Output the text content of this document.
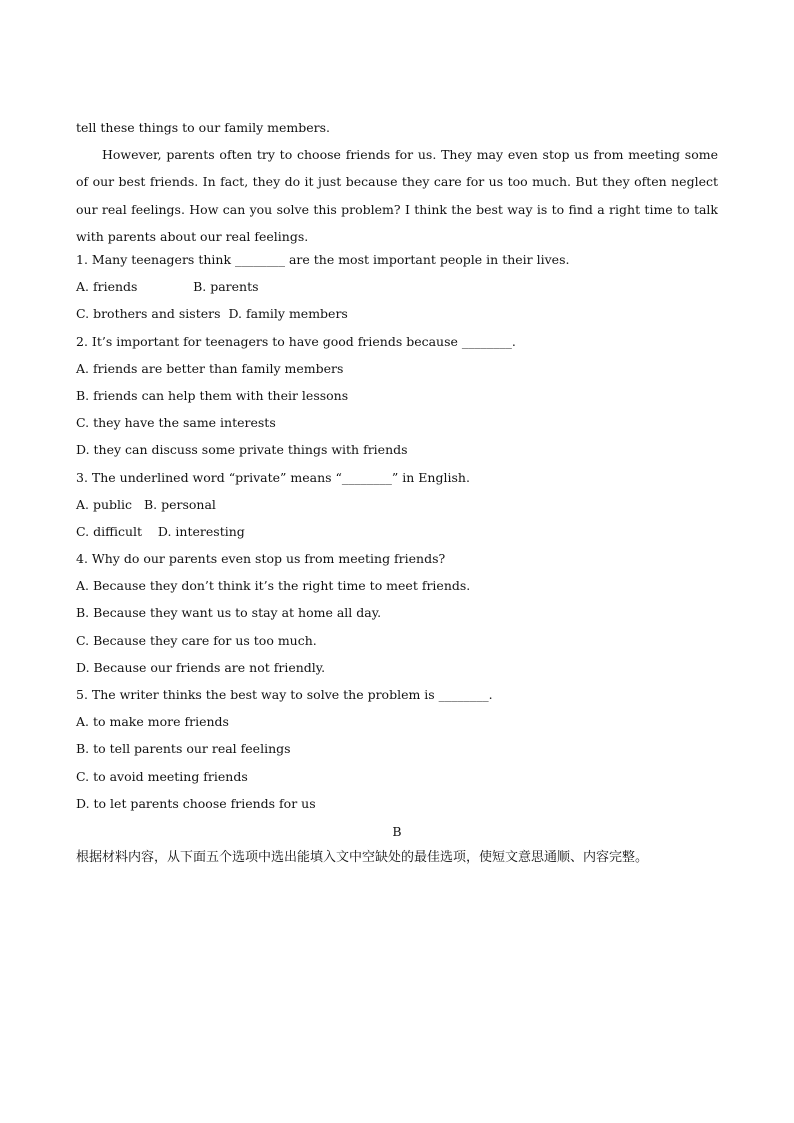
tell these things to our family members.

However, parents often try to choose friends for us. They may even stop us from meeting some of our best friends. In fact, they do it just because they care for us too much. But they often neglect our real feelings. How can you solve this problem? I think the best way is to find a right time to talk with parents about our real feelings.

1. Many teenagers think ________ are the most important people in their lives.
A. friends              B. parents
C. brothers and sisters  D. family members
2. It’s important for teenagers to have good friends because ________.
A. friends are better than family members
B. friends can help them with their lessons
C. they have the same interests
D. they can discuss some private things with friends
3. The underlined word “private” means “________” in English.
A. public   B. personal
C. difficult    D. interesting
4. Why do our parents even stop us from meeting friends?
A. Because they don’t think it’s the right time to meet friends.
B. Because they want us to stay at home all day.
C. Because they care for us too much.
D. Because our friends are not friendly.
5. The writer thinks the best way to solve the problem is ________.
A. to make more friends
B. to tell parents our real feelings
C. to avoid meeting friends
D. to let parents choose friends for us
B
根据材料内容，从下面五个选项中选出能填入文中空缺处的最佳选项，使短文意思通顺、内容完整。
